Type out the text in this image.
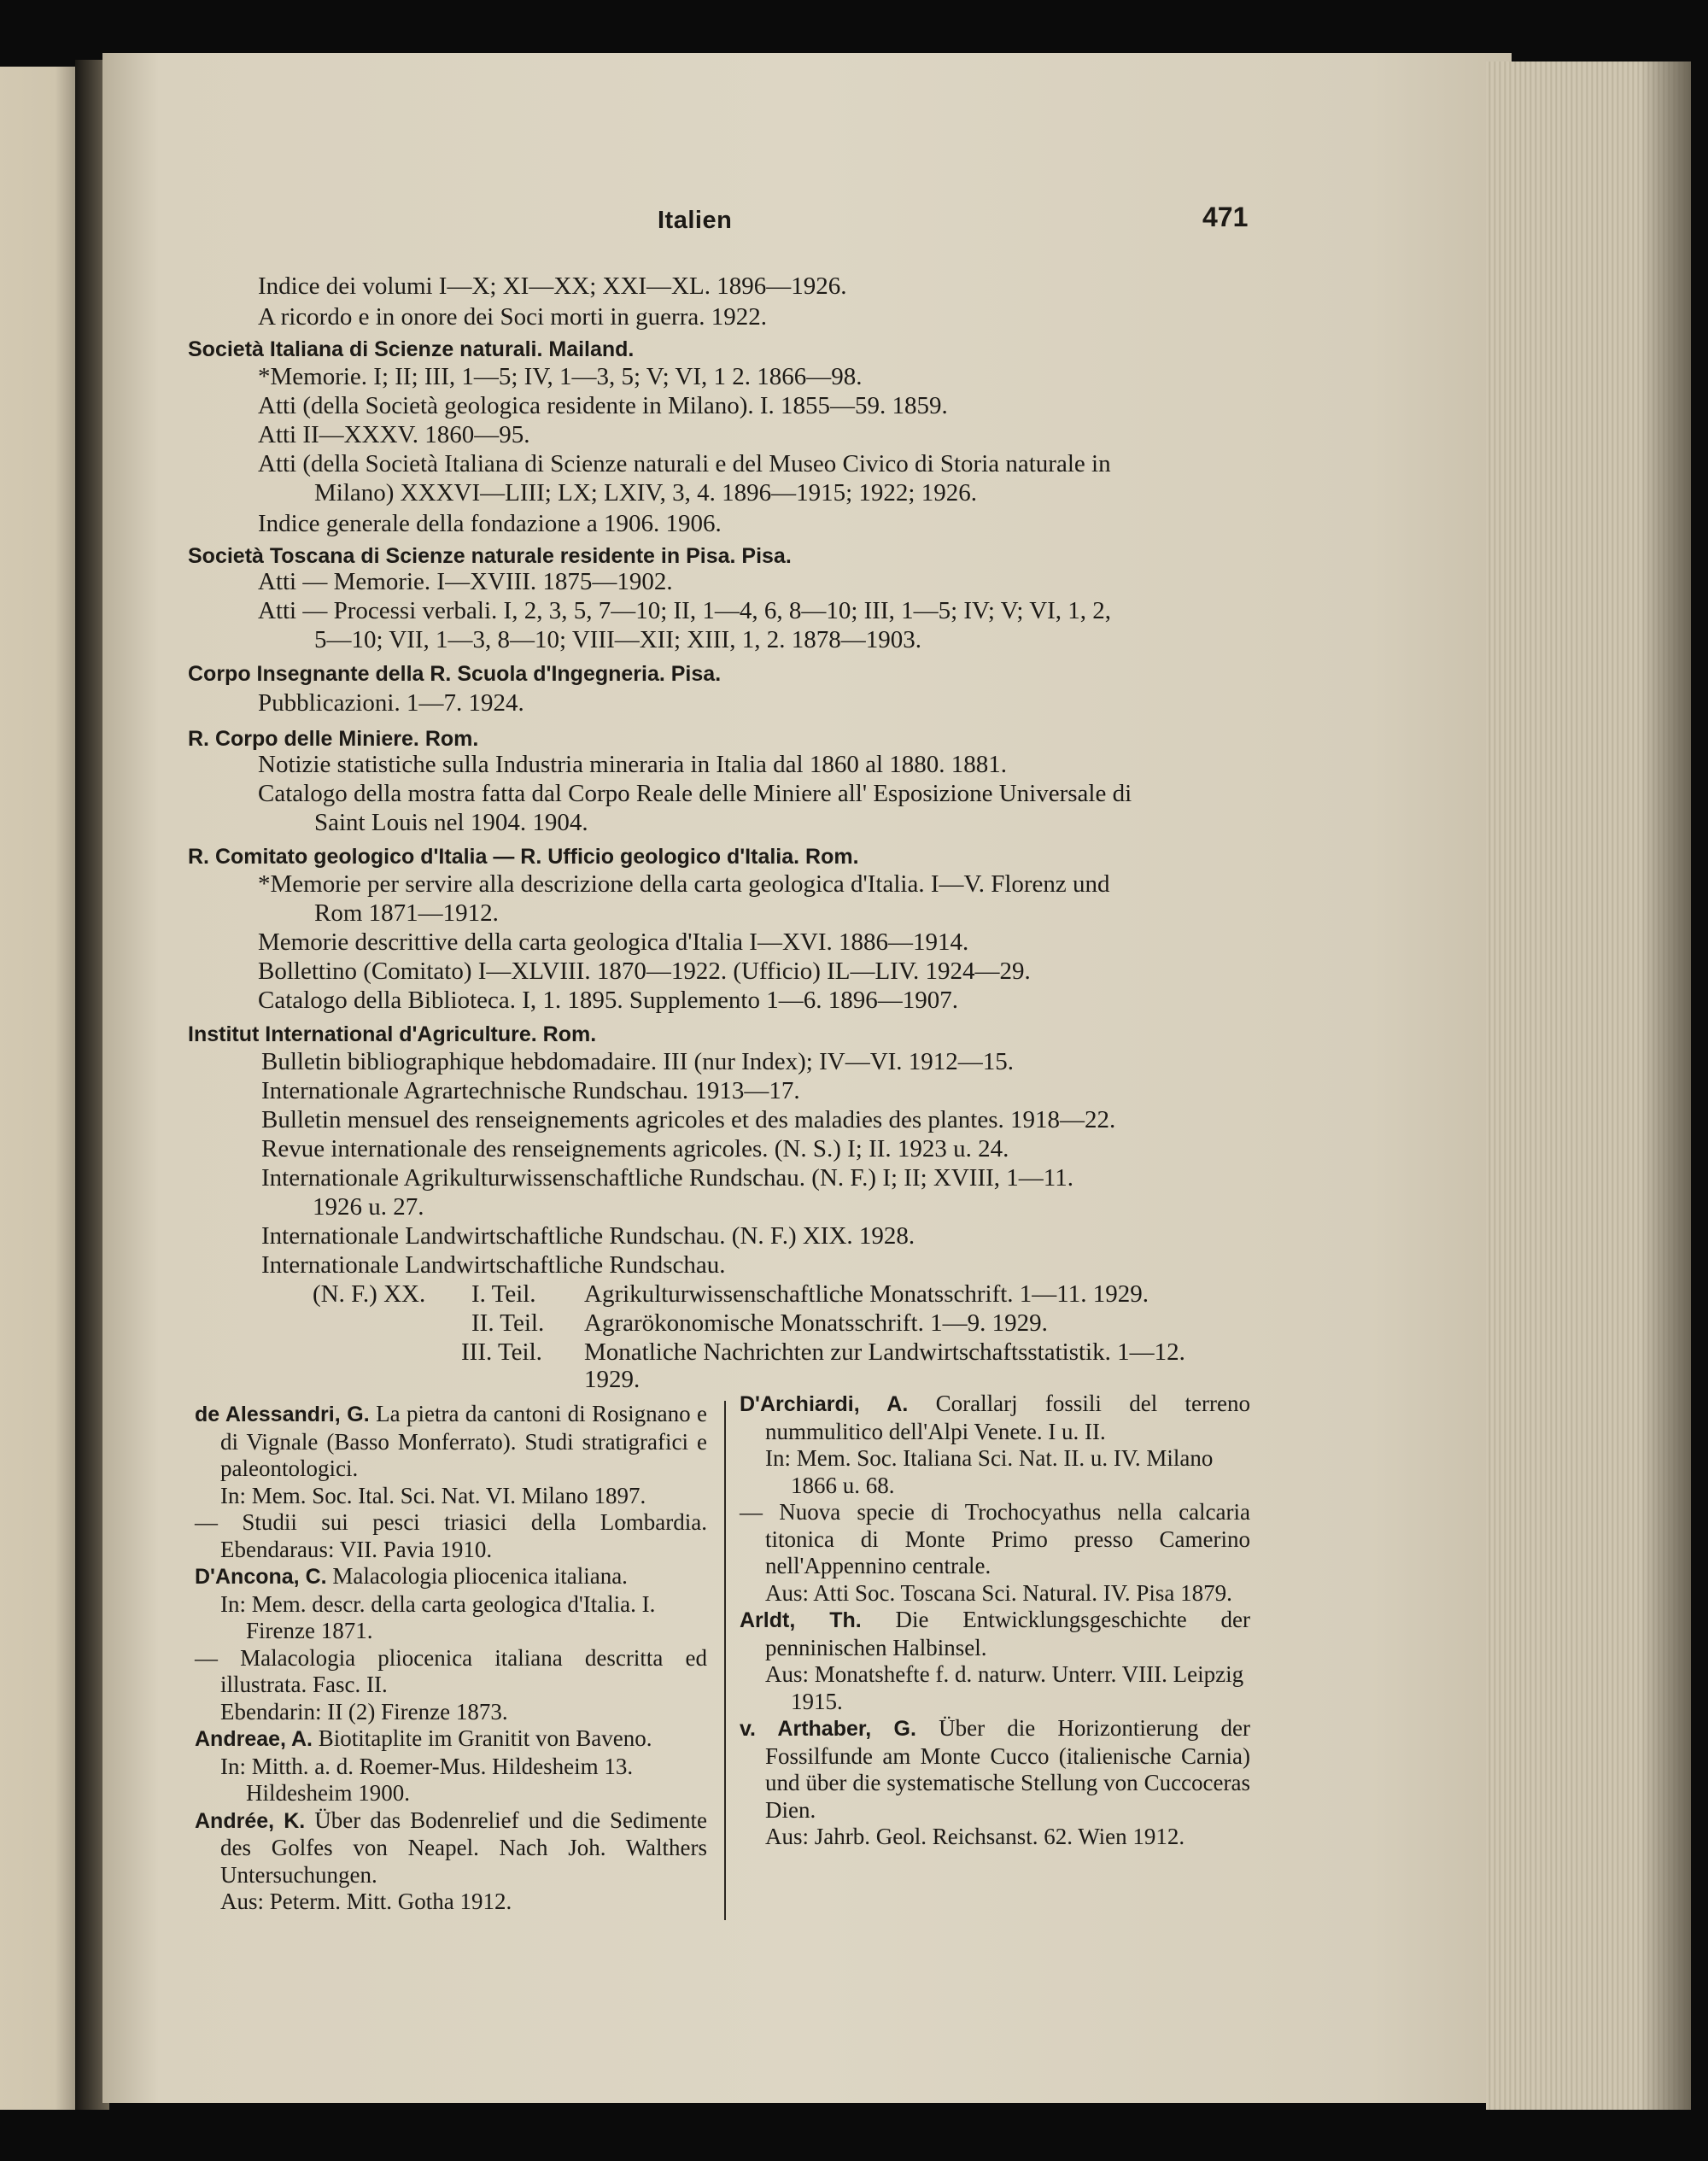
Italien	471
Indice dei volumi I—X; XI—XX; XXI—XL. 1896—1926.
A ricordo e in onore dei Soci morti in guerra. 1922.
Società Italiana di Scienze naturali. Mailand.
*Memorie. I; II; III, 1—5; IV, 1—3, 5; V; VI, 1 2. 1866—98.
Atti (della Società geologica residente in Milano). I. 1855—59. 1859.
Atti II—XXXV. 1860—95.
Atti (della Società Italiana di Scienze naturali e del Museo Civico di Storia naturale in
Milano) XXXVI—LIII; LX; LXIV, 3, 4. 1896—1915; 1922; 1926.
Indice generale della fondazione a 1906. 1906.
Società Toscana di Scienze naturale residente in Pisa. Pisa.
Atti — Memorie. I—XVIII. 1875—1902.
Atti — Processi verbali. I, 2, 3, 5, 7—10; II, 1—4, 6, 8—10; III, 1—5; IV; V; VI, 1, 2,
5—10; VII, 1—3, 8—10; VIII—XII; XIII, 1, 2. 1878—1903.
Corpo Insegnante della R. Scuola d'Ingegneria. Pisa.
Pubblicazioni. 1—7. 1924.
R. Corpo delle Miniere. Rom.
Notizie statistiche sulla Industria mineraria in Italia dal 1860 al 1880. 1881.
Catalogo della mostra fatta dal Corpo Reale delle Miniere all' Esposizione Universale di
Saint Louis nel 1904. 1904.
R. Comitato geologico d'Italia — R. Ufficio geologico d'Italia. Rom.
*Memorie per servire alla descrizione della carta geologica d'Italia. I—V. Florenz und
Rom 1871—1912.
Memorie descrittive della carta geologica d'Italia I—XVI. 1886—1914.
Bollettino (Comitato) I—XLVIII. 1870—1922. (Ufficio) IL—LIV. 1924—29.
Catalogo della Biblioteca. I, 1. 1895. Supplemento 1—6. 1896—1907.
Institut International d'Agriculture. Rom.
Bulletin bibliographique hebdomadaire. III (nur Index); IV—VI. 1912—15.
Internationale Agrartechnische Rundschau. 1913—17.
Bulletin mensuel des renseignements agricoles et des maladies des plantes. 1918—22.
Revue internationale des renseignements agricoles. (N. S.) I; II. 1923 u. 24.
Internationale Agrikulturwissenschaftliche Rundschau. (N. F.) I; II; XVIII, 1—11.
1926 u. 27.
Internationale Landwirtschaftliche Rundschau. (N. F.) XIX. 1928.
Internationale Landwirtschaftliche Rundschau.
(N. F.) XX. I. Teil. Agrikulturwissenschaftliche Monatsschrift. 1—11. 1929.
II. Teil. Agrarökonomische Monatsschrift. 1—9. 1929.
III. Teil. Monatliche Nachrichten zur Landwirtschaftsstatistik. 1—12.
1929.

de Alessandri, G. La pietra da cantoni di Rosignano e di Vignale (Basso Monferrato). Studi stratigrafici e paleontologici.

In: Mem. Soc. Ital. Sci. Nat. VI. Milano 1897.

— Studii sui pesci triasici della Lombardia. Ebendaraus: VII. Pavia 1910.

D'Ancona, C. Malacologia pliocenica italiana.

In: Mem. descr. della carta geologica d'Italia. I. Firenze 1871.

— Malacologia pliocenica italiana descritta ed illustrata. Fasc. II.

Ebendarin: II (2) Firenze 1873.

Andreae, A. Biotitaplite im Granitit von Baveno.

In: Mitth. a. d. Roemer-Mus. Hildesheim 13. Hildesheim 1900.

Andrée, K. Über das Bodenrelief und die Sedimente des Golfes von Neapel. Nach Joh. Walthers Untersuchungen.

Aus: Peterm. Mitt. Gotha 1912.

D'Archiardi, A. Corallarj fossili del terreno nummulitico dell'Alpi Venete. I u. II.

In: Mem. Soc. Italiana Sci. Nat. II. u. IV. Milano 1866 u. 68.

— Nuova specie di Trochocyathus nella calcaria titonica di Monte Primo presso Camerino nell'Appennino centrale.

Aus: Atti Soc. Toscana Sci. Natural. IV. Pisa 1879.

Arldt, Th. Die Entwicklungsgeschichte der penninischen Halbinsel.

Aus: Monatshefte f. d. naturw. Unterr. VIII. Leipzig 1915.

v. Arthaber, G. Über die Horizontierung der Fossilfunde am Monte Cucco (italienische Carnia) und über die systematische Stellung von Cuccoceras Dien.

Aus: Jahrb. Geol. Reichsanst. 62. Wien 1912.
